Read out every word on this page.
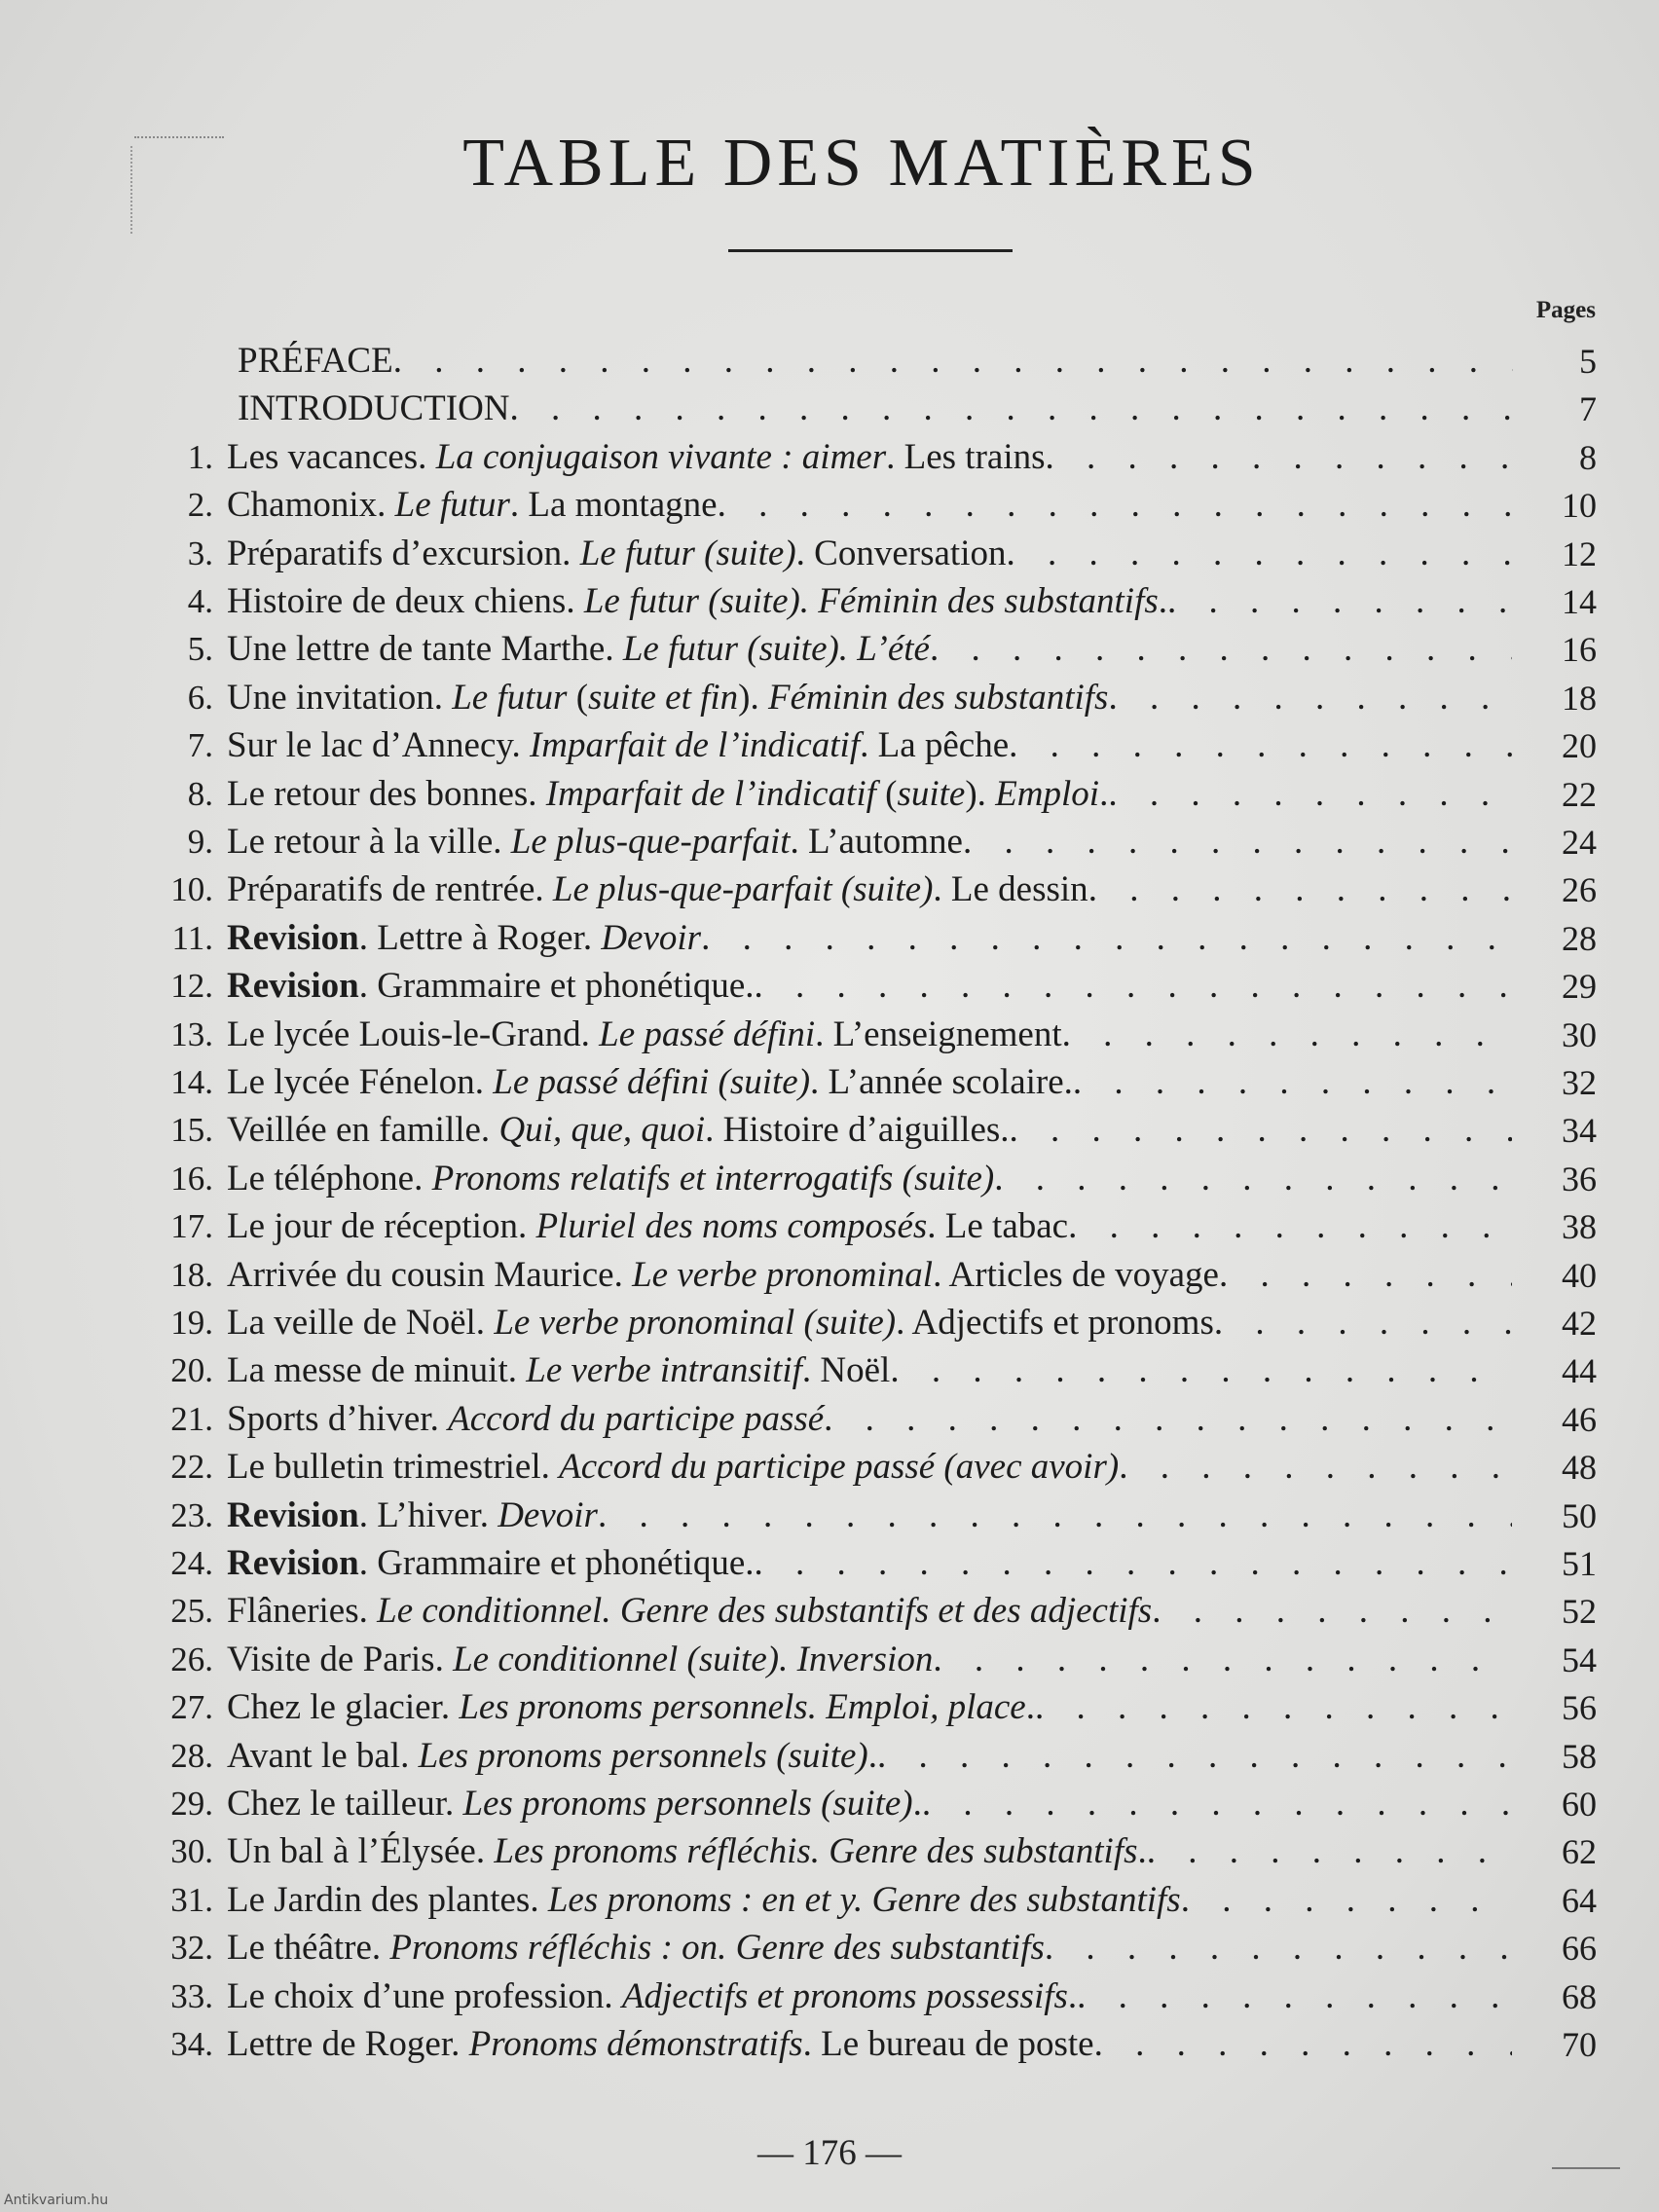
TABLE DES MATIÈRES
Pages
PRÉFACE . . .	5
INTRODUCTION . . .	7
1. Les vacances. La conjugaison vivante : aimer. Les trains . . .	8
2. Chamonix. Le futur. La montagne . . .	10
3. Préparatifs d’excursion. Le futur (suite). Conversation . . .	12
4. Histoire de deux chiens. Le futur (suite). Féminin des substantifs. . . .	14
5. Une lettre de tante Marthe. Le futur (suite). L’été . . .	16
6. Une invitation. Le futur (suite et fin). Féminin des substantifs . . .	18
7. Sur le lac d’Annecy. Imparfait de l’indicatif. La pêche . . .	20
8. Le retour des bonnes. Imparfait de l’indicatif (suite). Emploi. . . .	22
9. Le retour à la ville. Le plus-que-parfait. L’automne . . .	24
10. Préparatifs de rentrée. Le plus-que-parfait (suite). Le dessin . . .	26
11. Revision. Lettre à Roger. Devoir . . .	28
12. Revision. Grammaire et phonétique. . . .	29
13. Le lycée Louis-le-Grand. Le passé défini. L’enseignement . . .	30
14. Le lycée Fénelon. Le passé défini (suite). L’année scolaire. . . .	32
15. Veillée en famille. Qui, que, quoi. Histoire d’aiguilles. . . .	34
16. Le téléphone. Pronoms relatifs et interrogatifs (suite) . . .	36
17. Le jour de réception. Pluriel des noms composés. Le tabac . . .	38
18. Arrivée du cousin Maurice. Le verbe pronominal. Articles de voyage . . .	40
19. La veille de Noël. Le verbe pronominal (suite). Adjectifs et pronoms . . .	42
20. La messe de minuit. Le verbe intransitif. Noël . . .	44
21. Sports d’hiver. Accord du participe passé . . .	46
22. Le bulletin trimestriel. Accord du participe passé (avec avoir) . . .	48
23. Revision. L’hiver. Devoir . . .	50
24. Revision. Grammaire et phonétique. . . .	51
25. Flâneries. Le conditionnel. Genre des substantifs et des adjectifs . . .	52
26. Visite de Paris. Le conditionnel (suite). Inversion . . .	54
27. Chez le glacier. Les pronoms personnels. Emploi, place. . . .	56
28. Avant le bal. Les pronoms personnels (suite). . . .	58
29. Chez le tailleur. Les pronoms personnels (suite). . . .	60
30. Un bal à l’Élysée. Les pronoms réfléchis. Genre des substantifs. . . .	62
31. Le Jardin des plantes. Les pronoms : en et y. Genre des substantifs . . .	64
32. Le théâtre. Pronoms réfléchis : on. Genre des substantifs . . .	66
33. Le choix d’une profession. Adjectifs et pronoms possessifs. . . .	68
34. Lettre de Roger. Pronoms démonstratifs. Le bureau de poste . . .	70
— 176 —
Antikvarium.hu
